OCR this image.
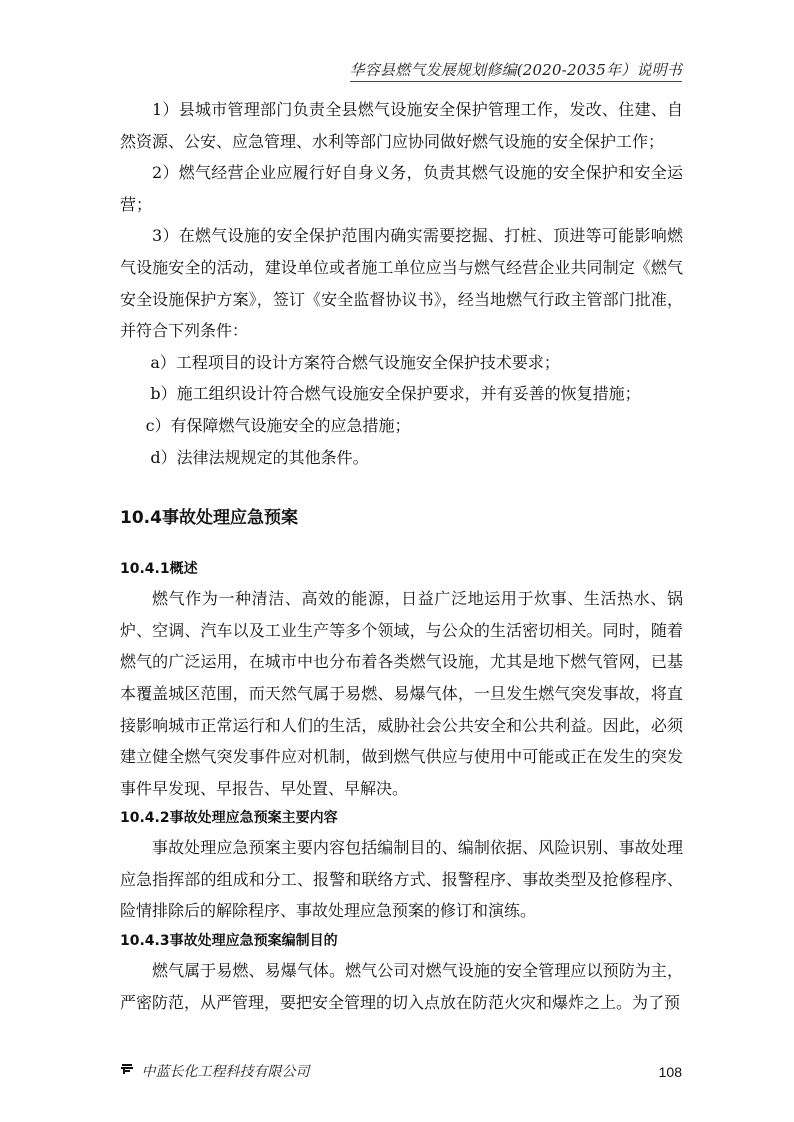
华容县燃气发展规划修编(2020-2035年）说明书

1）县城市管理部门负责全县燃气设施安全保护管理工作，发改、住建、自然资源、公安、应急管理、水利等部门应协同做好燃气设施的安全保护工作；

2）燃气经营企业应履行好自身义务，负责其燃气设施的安全保护和安全运营；

3）在燃气设施的安全保护范围内确实需要挖掘、打桩、顶进等可能影响燃气设施安全的活动，建设单位或者施工单位应当与燃气经营企业共同制定《燃气安全设施保护方案》，签订《安全监督协议书》，经当地燃气行政主管部门批准，并符合下列条件：

a）工程项目的设计方案符合燃气设施安全保护技术要求；

b）施工组织设计符合燃气设施安全保护要求，并有妥善的恢复措施；

c）有保障燃气设施安全的应急措施；

d）法律法规规定的其他条件。

10.4事故处理应急预案
10.4.1概述

燃气作为一种清洁、高效的能源，日益广泛地运用于炊事、生活热水、锅炉、空调、汽车以及工业生产等多个领域，与公众的生活密切相关。同时，随着燃气的广泛运用，在城市中也分布着各类燃气设施，尤其是地下燃气管网，已基本覆盖城区范围，而天然气属于易燃、易爆气体，一旦发生燃气突发事故，将直接影响城市正常运行和人们的生活，威胁社会公共安全和公共利益。因此，必须建立健全燃气突发事件应对机制，做到燃气供应与使用中可能或正在发生的突发事件早发现、早报告、早处置、早解决。

10.4.2事故处理应急预案主要内容

事故处理应急预案主要内容包括编制目的、编制依据、风险识别、事故处理应急指挥部的组成和分工、报警和联络方式、报警程序、事故类型及抢修程序、险情排除后的解除程序、事故处理应急预案的修订和演练。

10.4.3事故处理应急预案编制目的

燃气属于易燃、易爆气体。燃气公司对燃气设施的安全管理应以预防为主，严密防范，从严管理，要把安全管理的切入点放在防范火灾和爆炸之上。为了预

中蓝长化工程科技有限公司	108
